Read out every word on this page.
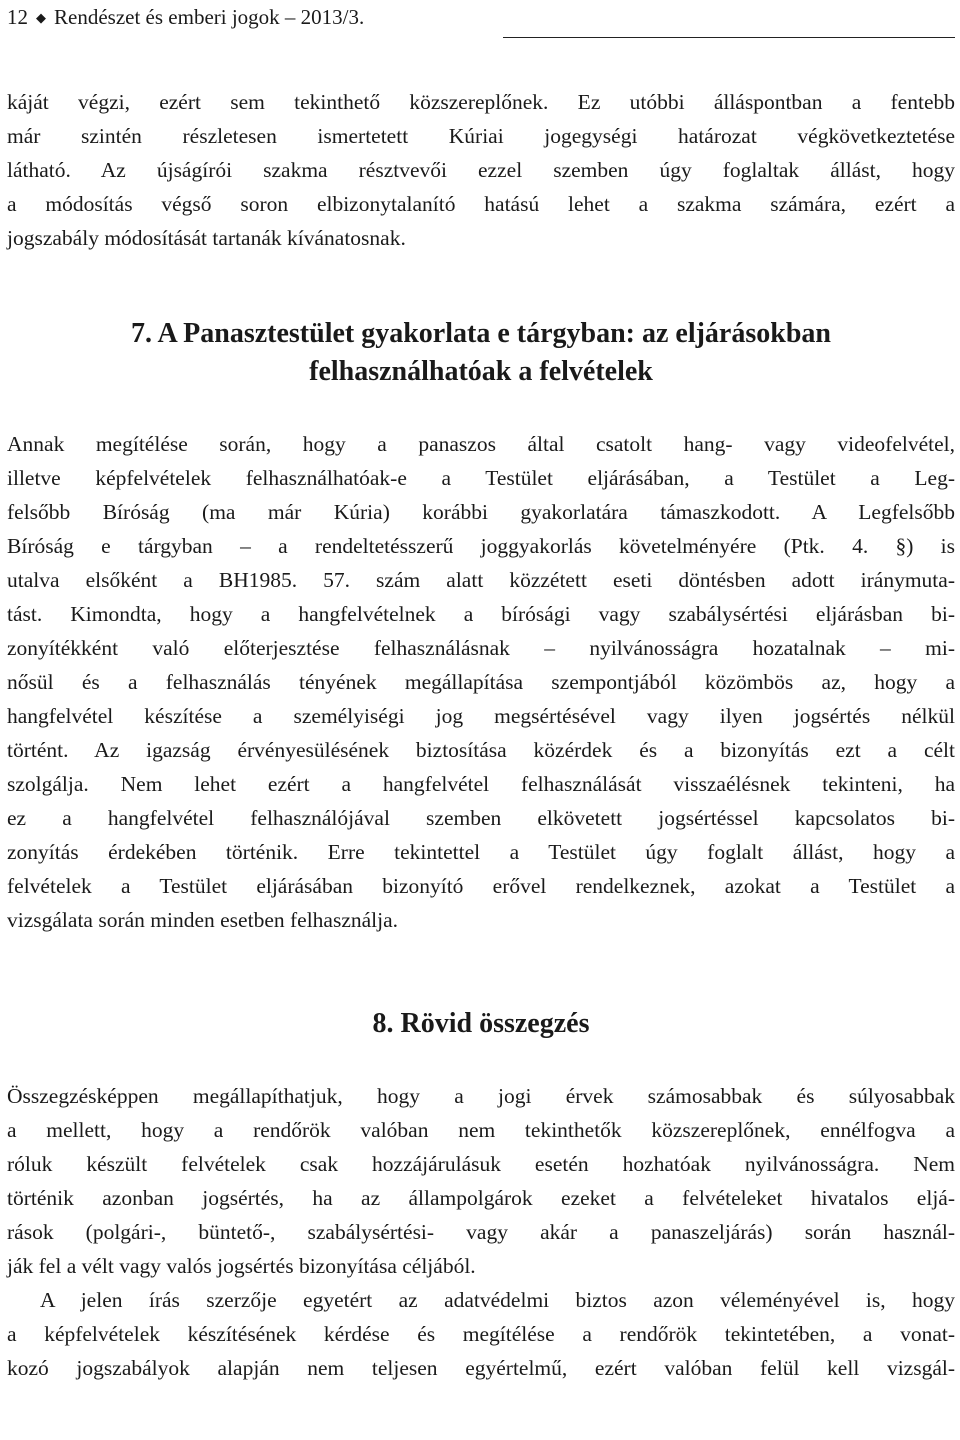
12 ◆ Rendészet és emberi jogok – 2013/3.

káját végzi, ezért sem tekinthető közszereplőnek. Ez utóbbi álláspontban a fentebb
már szintén részletesen ismertetett Kúriai jogegységi határozat végkövetkeztetése
látható. Az újságírói szakma résztvevői ezzel szemben úgy foglaltak állást, hogy
a módosítás végső soron elbizonytalanító hatású lehet a szakma számára, ezért a
jogszabály módosítását tartanák kívánatosnak.

7. A Panasztestület gyakorlata e tárgyban: az eljárásokban
felhasználhatóak a felvételek

Annak megítélése során, hogy a panaszos által csatolt hang- vagy videofelvétel,
illetve képfelvételek felhasználhatóak-e a Testület eljárásában, a Testület a Leg-
felsőbb Bíróság (ma már Kúria) korábbi gyakorlatára támaszkodott. A Legfelsőbb
Bíróság e tárgyban – a rendeltetésszerű joggyakorlás követelményére (Ptk. 4. §) is
utalva elsőként a BH1985. 57. szám alatt közzétett eseti döntésben adott iránymuta-
tást. Kimondta, hogy a hangfelvételnek a bírósági vagy szabálysértési eljárásban bi-
zonyítékként való előterjesztése felhasználásnak – nyilvánosságra hozatalnak – mi-
nősül és a felhasználás tényének megállapítása szempontjából közömbös az, hogy a
hangfelvétel készítése a személyiségi jog megsértésével vagy ilyen jogsértés nélkül
történt. Az igazság érvényesülésének biztosítása közérdek és a bizonyítás ezt a célt
szolgálja. Nem lehet ezért a hangfelvétel felhasználását visszaélésnek tekinteni, ha
ez a hangfelvétel felhasználójával szemben elkövetett jogsértéssel kapcsolatos bi-
zonyítás érdekében történik. Erre tekintettel a Testület úgy foglalt állást, hogy a
felvételek a Testület eljárásában bizonyító erővel rendelkeznek, azokat a Testület a
vizsgálata során minden esetben felhasználja.

8. Rövid összegzés

Összegzésképpen megállapíthatjuk, hogy a jogi érvek számosabbak és súlyosabbak
a mellett, hogy a rendőrök valóban nem tekinthetők közszereplőnek, ennélfogva a
róluk készült felvételek csak hozzájárulásuk esetén hozhatóak nyilvánosságra. Nem
történik azonban jogsértés, ha az állampolgárok ezeket a felvételeket hivatalos eljá-
rások (polgári-, büntető-, szabálysértési- vagy akár a panaszeljárás) során használ-
ják fel a vélt vagy valós jogsértés bizonyítása céljából.

A jelen írás szerzője egyetért az adatvédelmi biztos azon véleményével is, hogy
a képfelvételek készítésének kérdése és megítélése a rendőrök tekintetében, a vonat-
kozó jogszabályok alapján nem teljesen egyértelmű, ezért valóban felül kell vizsgál-
